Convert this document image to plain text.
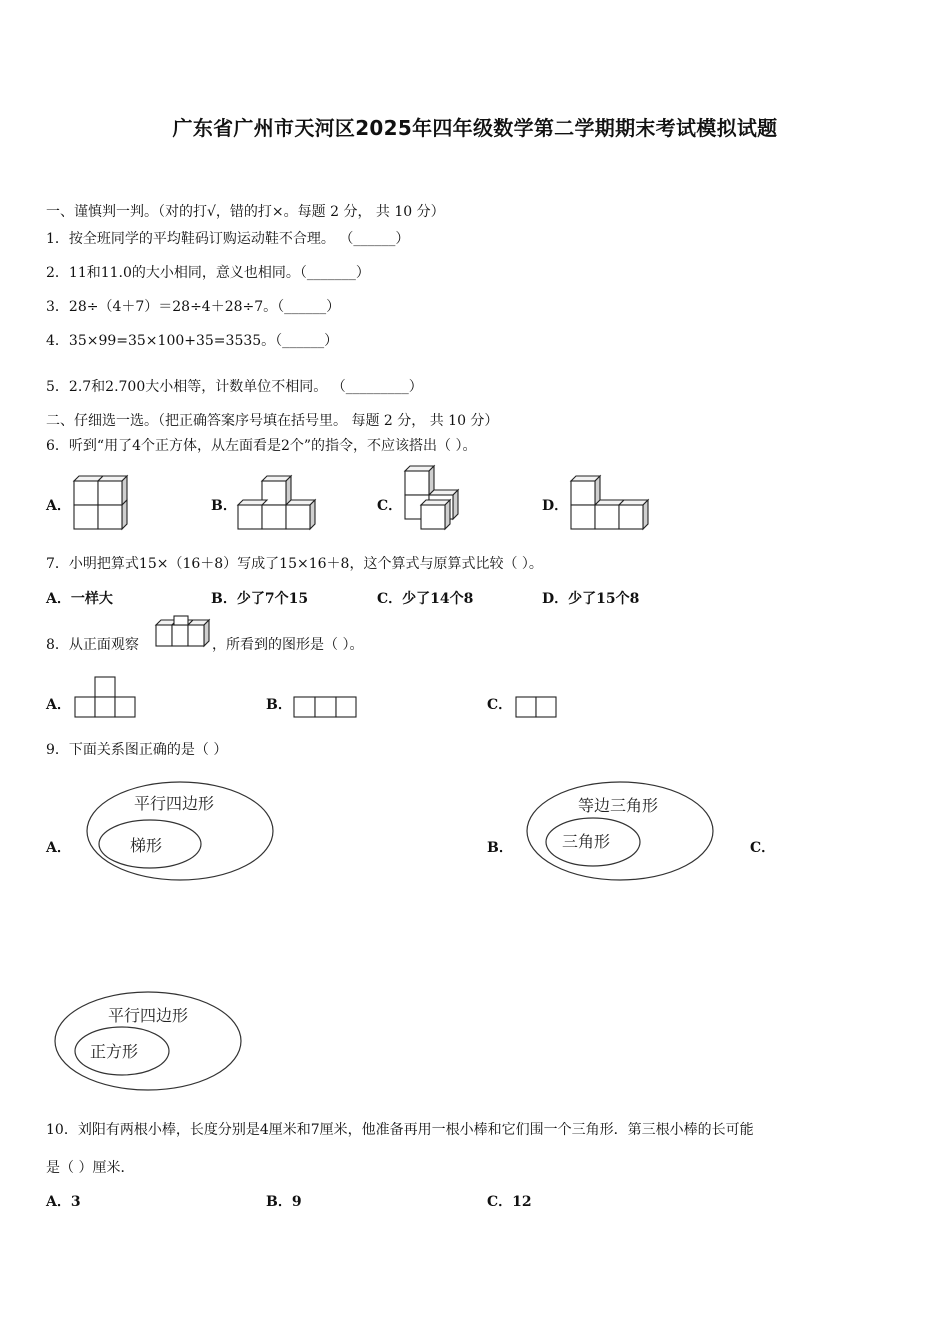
广东省广州市天河区2025年四年级数学第二学期期末考试模拟试题
一、谨慎判一判。（对的打√，错的打×。每题 2 分， 共 10 分）
1．按全班同学的平均鞋码订购运动鞋不合理。 （______）
2．11和11.0的大小相同，意义也相同。（_______）
3．28÷（4＋7）＝28÷4＋28÷7。（______）
4．35×99=35×100+35=3535。（______）
5．2.7和2.700大小相等，计数单位不相同。 （_________）
二、仔细选一选。（把正确答案序号填在括号里。 每题 2 分， 共 10 分）
6．听到“用了4个正方体，从左面看是2个”的指令，不应该搭出（ ）。
A．	B．	C．	D．
7．小明把算式15×（16＋8）写成了15×16＋8，这个算式与原算式比较（ ）。
A．一样大	B．少了7个15	C．少了14个8	D．少了15个8
8．从正面观察	，所看到的图形是（ ）。
A．	B．	C．
9．下面关系图正确的是（ ）
A．
平行四边形
梯形	B．
等边三角形
三角形	C．
平行四边形
正方形
10．刘阳有两根小棒，长度分别是4厘米和7厘米，他准备再用一根小棒和它们围一个三角形．第三根小棒的长可能
是（ ）厘米．
A．3	B．9	C．12
